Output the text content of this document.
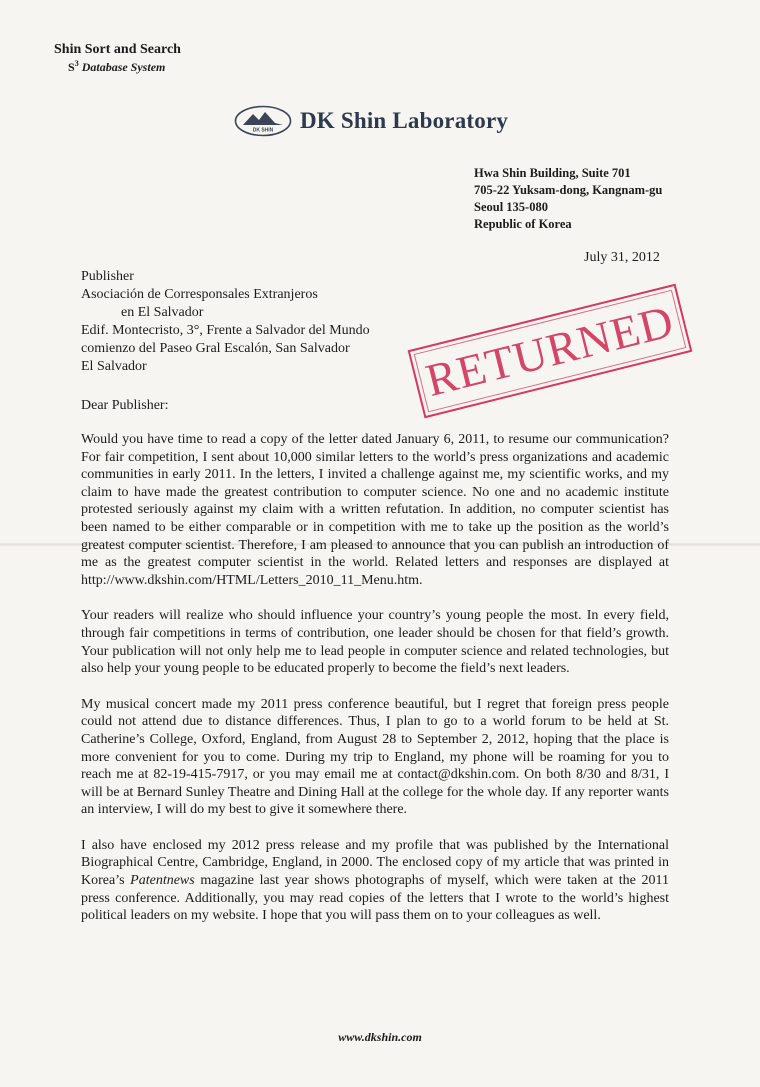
Shin Sort and Search
$S^3$ Database System
DK SHIN DK Shin Laboratory
Hwa Shin Building, Suite 701
705-22 Yuksam-dong, Kangnam-gu
Seoul 135-080
Republic of Korea
July 31, 2012
Publisher
Asociación de Corresponsales Extranjeros
en El Salvador
Edif. Montecristo, 3°, Frente a Salvador del Mundo
comienzo del Paseo Gral Escalón, San Salvador
El Salvador	RETURNED
Dear Publisher:

Would you have time to read a copy of the letter dated January 6, 2011, to resume our communication? For fair competition, I sent about 10,000 similar letters to the world’s press organizations and academic communities in early 2011. In the letters, I invited a challenge against me, my scientific works, and my claim to have made the greatest contribution to computer science. No one and no academic institute protested seriously against my claim with a written refutation. In addition, no computer scientist has been named to be either comparable or in competition with me to take up the position as the world’s greatest computer scientist. Therefore, I am pleased to announce that you can publish an introduction of me as the greatest computer scientist in the world. Related letters and responses are displayed at http://www.dkshin.com/HTML/Letters_2010_11_Menu.htm.

Your readers will realize who should influence your country’s young people the most. In every field, through fair competitions in terms of contribution, one leader should be chosen for that field’s growth. Your publication will not only help me to lead people in computer science and related technologies, but also help your young people to be educated properly to become the field’s next leaders.

My musical concert made my 2011 press conference beautiful, but I regret that foreign press people could not attend due to distance differences. Thus, I plan to go to a world forum to be held at St. Catherine’s College, Oxford, England, from August 28 to September 2, 2012, hoping that the place is more convenient for you to come. During my trip to England, my phone will be roaming for you to reach me at 82-19-415-7917, or you may email me at contact@dkshin.com. On both 8/30 and 8/31, I will be at Bernard Sunley Theatre and Dining Hall at the college for the whole day. If any reporter wants an interview, I will do my best to give it somewhere there.

I also have enclosed my 2012 press release and my profile that was published by the International Biographical Centre, Cambridge, England, in 2000. The enclosed copy of my article that was printed in Korea’s Patentnews magazine last year shows photographs of myself, which were taken at the 2011 press conference. Additionally, you may read copies of the letters that I wrote to the world’s highest political leaders on my website. I hope that you will pass them on to your colleagues as well.

www.dkshin.com
